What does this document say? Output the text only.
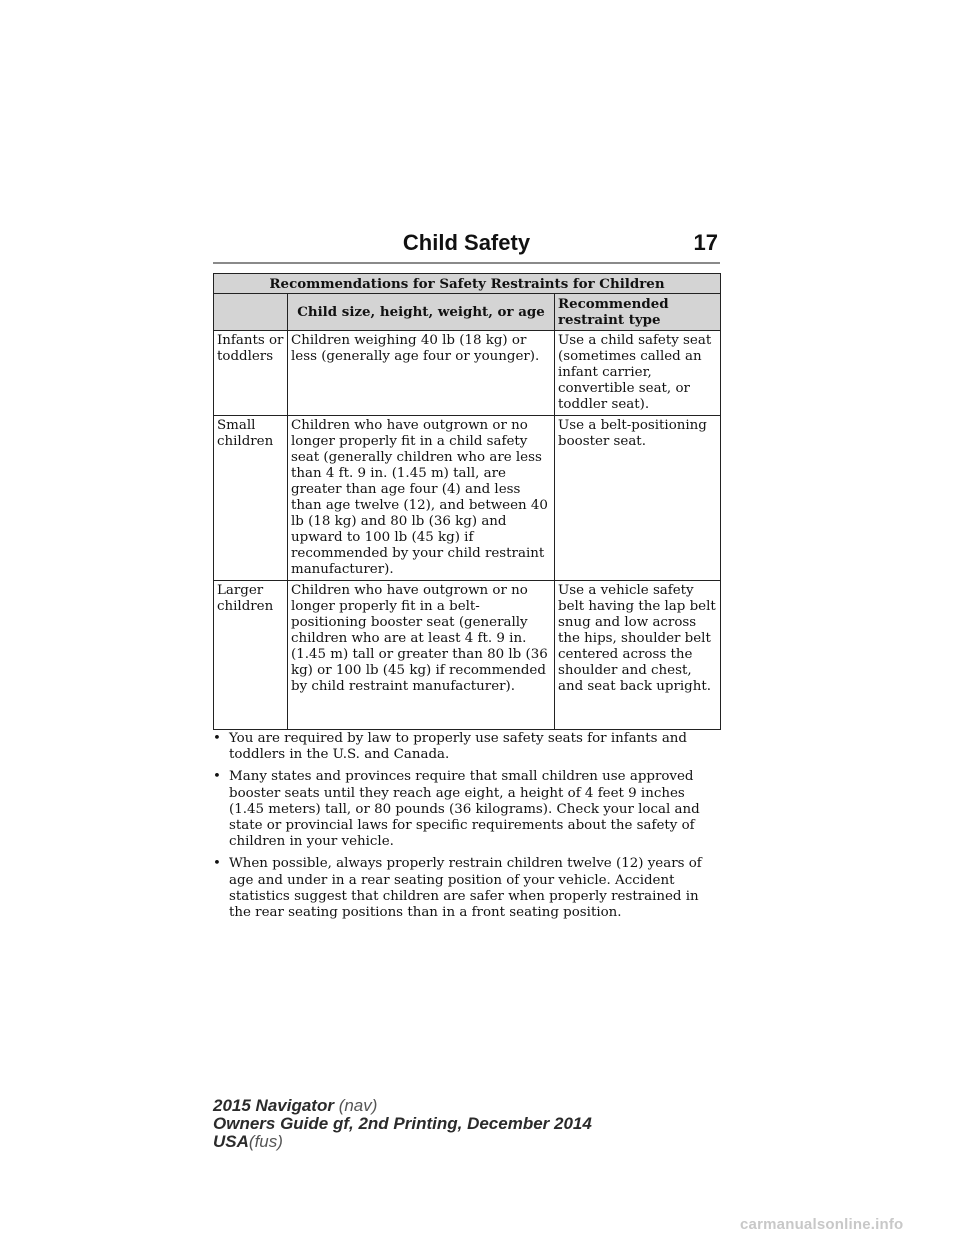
Child Safety	17
Recommendations for Safety Restraints for Children		
	Child size, height, weight, or age	Recommended restraint type
Infants or toddlers	Children weighing 40 lb (18 kg) or less (generally age four or younger).	Use a child safety seat (sometimes called an infant carrier, convertible seat, or toddler seat).
Small children	Children who have outgrown or no longer properly fit in a child safety seat (generally children who are less than 4 ft. 9 in. (1.45 m) tall, are greater than age four (4) and less than age twelve (12), and between 40 lb (18 kg) and 80 lb (36 kg) and upward to 100 lb (45 kg) if recommended by your child restraint manufacturer).	Use a belt-positioning booster seat.
Larger children	Children who have outgrown or no longer properly fit in a belt-positioning booster seat (generally children who are at least 4 ft. 9 in. (1.45 m) tall or greater than 80 lb (36 kg) or 100 lb (45 kg) if recommended by child restraint manufacturer).	Use a vehicle safety belt having the lap belt snug and low across the hips, shoulder belt centered across the shoulder and chest, and seat back upright.
• You are required by law to properly use safety seats for infants and toddlers in the U.S. and Canada.
• Many states and provinces require that small children use approved booster seats until they reach age eight, a height of 4 feet 9 inches (1.45 meters) tall, or 80 pounds (36 kilograms). Check your local and state or provincial laws for specific requirements about the safety of children in your vehicle.
• When possible, always properly restrain children twelve (12) years of age and under in a rear seating position of your vehicle. Accident statistics suggest that children are safer when properly restrained in the rear seating positions than in a front seating position.
2015 Navigator (nav)
Owners Guide gf, 2nd Printing, December 2014
USA(fus)
carmanualsonline.info
